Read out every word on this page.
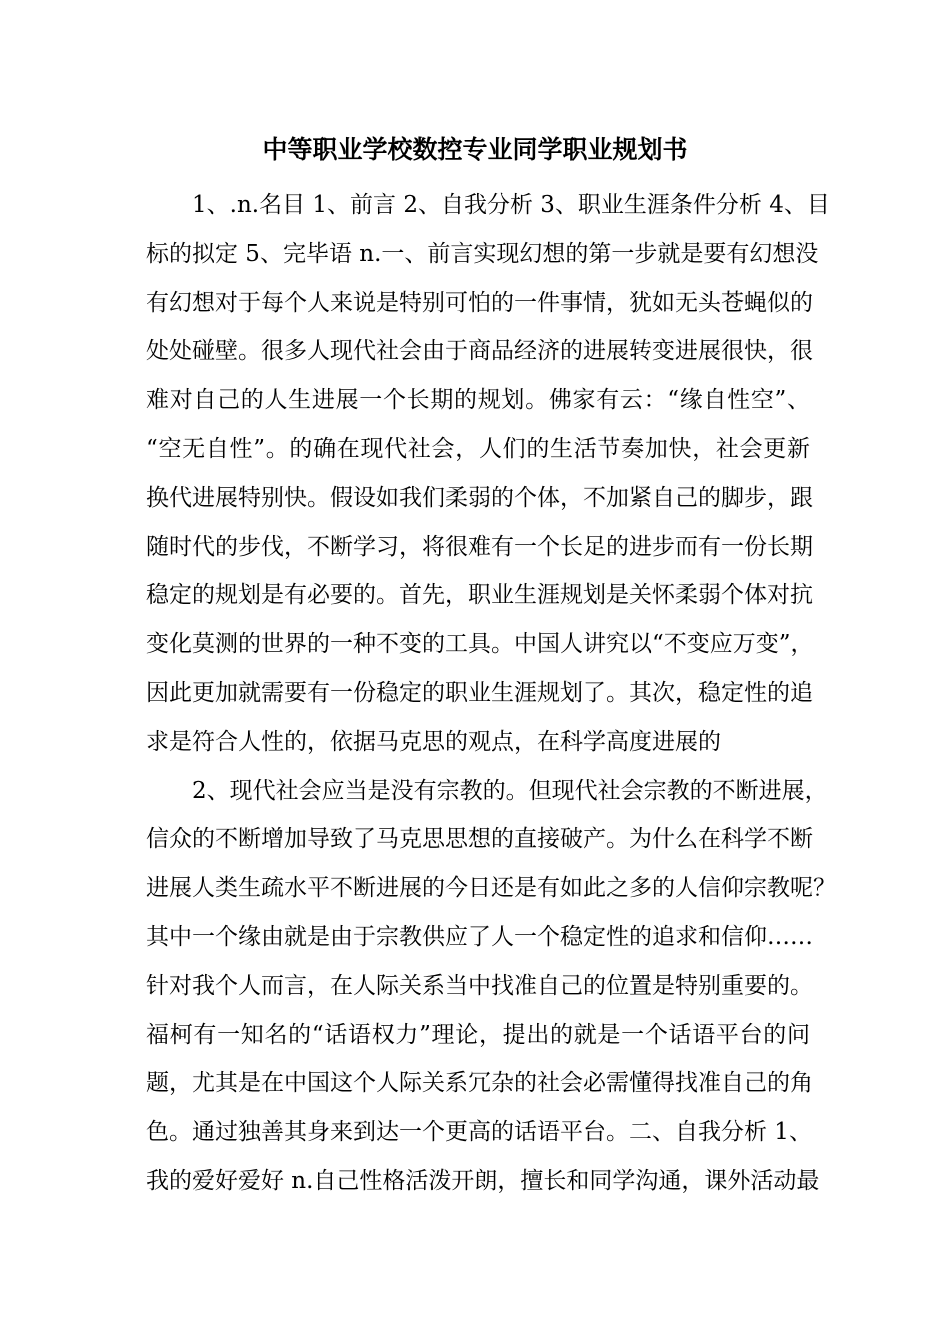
中等职业学校数控专业同学职业规划书
1、.n.名目 1、前言 2、自我分析 3、职业生涯条件分析 4、目
标的拟定 5、完毕语 n.一、前言实现幻想的第一步就是要有幻想没
有幻想对于每个人来说是特别可怕的一件事情，犹如无头苍蝇似的
处处碰壁。很多人现代社会由于商品经济的进展转变进展很快，很
难对自己的人生进展一个长期的规划。佛家有云：“缘自性空”、
“空无自性”。的确在现代社会，人们的生活节奏加快，社会更新
换代进展特别快。假设如我们柔弱的个体，不加紧自己的脚步，跟
随时代的步伐，不断学习，将很难有一个长足的进步而有一份长期
稳定的规划是有必要的。首先，职业生涯规划是关怀柔弱个体对抗
变化莫测的世界的一种不变的工具。中国人讲究以“不变应万变”，
因此更加就需要有一份稳定的职业生涯规划了。其次，稳定性的追
求是符合人性的，依据马克思的观点，在科学高度进展的
2、现代社会应当是没有宗教的。但现代社会宗教的不断进展，
信众的不断增加导致了马克思思想的直接破产。为什么在科学不断
进展人类生疏水平不断进展的今日还是有如此之多的人信仰宗教呢？
其中一个缘由就是由于宗教供应了人一个稳定性的追求和信仰……
针对我个人而言，在人际关系当中找准自己的位置是特别重要的。
福柯有一知名的“话语权力”理论，提出的就是一个话语平台的问
题，尤其是在中国这个人际关系冗杂的社会必需懂得找准自己的角
色。通过独善其身来到达一个更高的话语平台。二、自我分析 1、
我的爱好爱好 n.自己性格活泼开朗，擅长和同学沟通，课外活动最
